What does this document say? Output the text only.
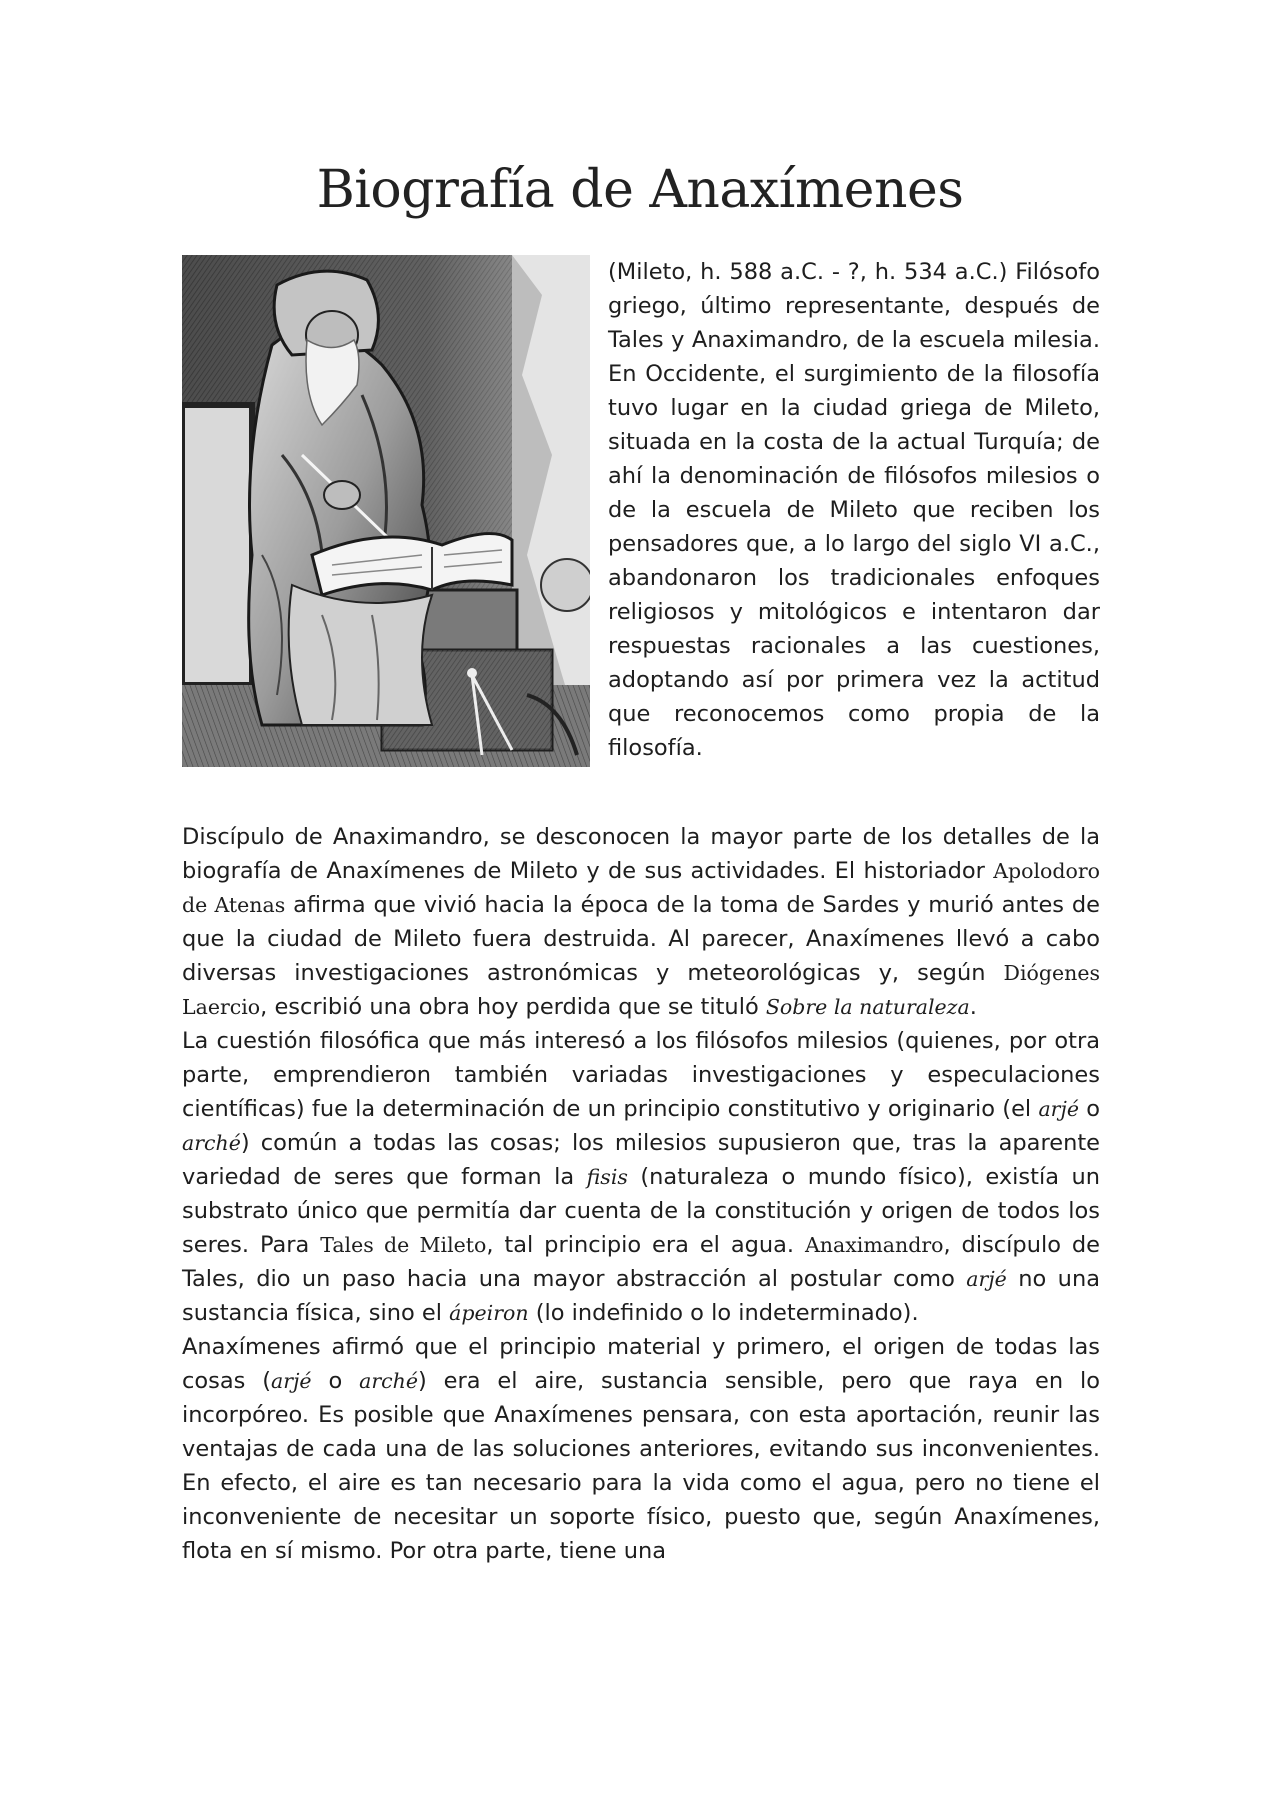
Biografía de Anaxímenes

(Mileto, h. 588 a.C. - ?, h. 534 a.C.) Filósofo griego, último representante, después de Tales y Anaximandro, de la escuela milesia. En Occidente, el surgimiento de la filosofía tuvo lugar en la ciudad griega de Mileto, situada en la costa de la actual Turquía; de ahí la denominación de filósofos milesios o de la escuela de Mileto que reciben los pensadores que, a lo largo del siglo VI a.C., abandonaron los tradicionales enfoques religiosos y mitológicos e intentaron dar respuestas racionales a las cuestiones, adoptando así por primera vez la actitud que reconocemos como propia de la filosofía.

Discípulo de Anaximandro, se desconocen la mayor parte de los detalles de la biografía de Anaxímenes de Mileto y de sus actividades. El historiador Apolodoro de Atenas afirma que vivió hacia la época de la toma de Sardes y murió antes de que la ciudad de Mileto fuera destruida. Al parecer, Anaxímenes llevó a cabo diversas investigaciones astronómicas y meteorológicas y, según Diógenes Laercio, escribió una obra hoy perdida que se tituló Sobre la naturaleza.

La cuestión filosófica que más interesó a los filósofos milesios (quienes, por otra parte, emprendieron también variadas investigaciones y especulaciones científicas) fue la determinación de un principio constitutivo y originario (el arjé o arché) común a todas las cosas; los milesios supusieron que, tras la aparente variedad de seres que forman la fisis (naturaleza o mundo físico), existía un substrato único que permitía dar cuenta de la constitución y origen de todos los seres. Para Tales de Mileto, tal principio era el agua. Anaximandro, discípulo de Tales, dio un paso hacia una mayor abstracción al postular como arjé no una sustancia física, sino el ápeiron (lo indefinido o lo indeterminado).

Anaxímenes afirmó que el principio material y primero, el origen de todas las cosas (arjé o arché) era el aire, sustancia sensible, pero que raya en lo incorpóreo. Es posible que Anaxímenes pensara, con esta aportación, reunir las ventajas de cada una de las soluciones anteriores, evitando sus inconvenientes. En efecto, el aire es tan necesario para la vida como el agua, pero no tiene el inconveniente de necesitar un soporte físico, puesto que, según Anaxímenes, flota en sí mismo. Por otra parte, tiene una
